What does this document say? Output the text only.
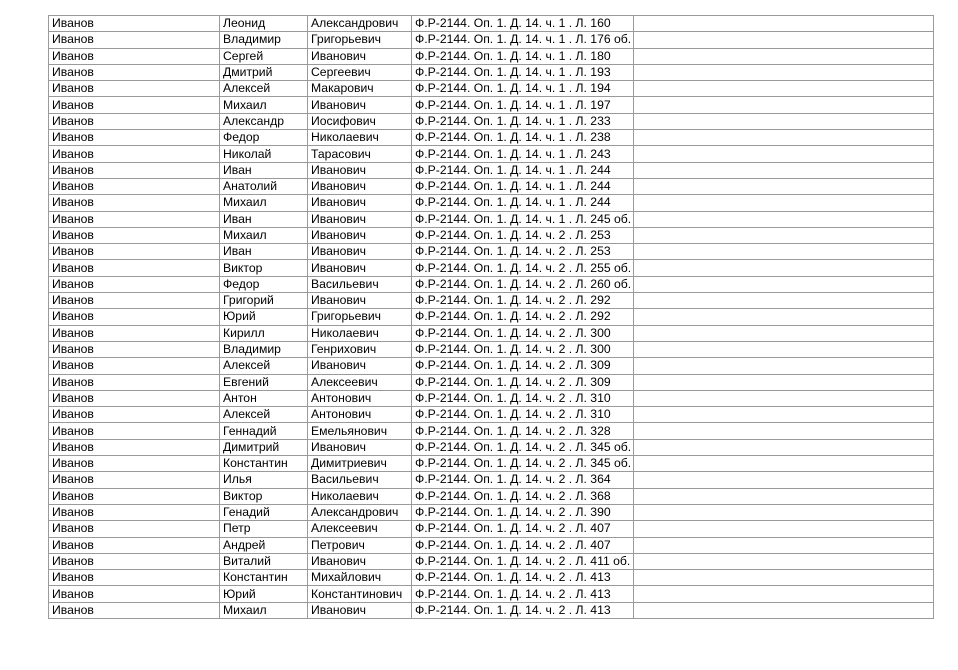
Иванов	Леонид	Александрович	Ф.Р-2144. Оп. 1. Д. 14. ч. 1 . Л. 160	
Иванов	Владимир	Григорьевич	Ф.Р-2144. Оп. 1. Д. 14. ч. 1 . Л. 176 об.	
Иванов	Сергей	Иванович	Ф.Р-2144. Оп. 1. Д. 14. ч. 1 . Л. 180	
Иванов	Дмитрий	Сергеевич	Ф.Р-2144. Оп. 1. Д. 14. ч. 1 . Л. 193	
Иванов	Алексей	Макарович	Ф.Р-2144. Оп. 1. Д. 14. ч. 1 . Л. 194	
Иванов	Михаил	Иванович	Ф.Р-2144. Оп. 1. Д. 14. ч. 1 . Л. 197	
Иванов	Александр	Иосифович	Ф.Р-2144. Оп. 1. Д. 14. ч. 1 . Л. 233	
Иванов	Федор	Николаевич	Ф.Р-2144. Оп. 1. Д. 14. ч. 1 . Л. 238	
Иванов	Николай	Тарасович	Ф.Р-2144. Оп. 1. Д. 14. ч. 1 . Л. 243	
Иванов	Иван	Иванович	Ф.Р-2144. Оп. 1. Д. 14. ч. 1 . Л. 244	
Иванов	Анатолий	Иванович	Ф.Р-2144. Оп. 1. Д. 14. ч. 1 . Л. 244	
Иванов	Михаил	Иванович	Ф.Р-2144. Оп. 1. Д. 14. ч. 1 . Л. 244	
Иванов	Иван	Иванович	Ф.Р-2144. Оп. 1. Д. 14. ч. 1 . Л. 245 об.	
Иванов	Михаил	Иванович	Ф.Р-2144. Оп. 1. Д. 14. ч. 2 . Л. 253	
Иванов	Иван	Иванович	Ф.Р-2144. Оп. 1. Д. 14. ч. 2 . Л. 253	
Иванов	Виктор	Иванович	Ф.Р-2144. Оп. 1. Д. 14. ч. 2 . Л. 255 об.	
Иванов	Федор	Васильевич	Ф.Р-2144. Оп. 1. Д. 14. ч. 2 . Л. 260 об.	
Иванов	Григорий	Иванович	Ф.Р-2144. Оп. 1. Д. 14. ч. 2 . Л. 292	
Иванов	Юрий	Григорьевич	Ф.Р-2144. Оп. 1. Д. 14. ч. 2 . Л. 292	
Иванов	Кирилл	Николаевич	Ф.Р-2144. Оп. 1. Д. 14. ч. 2 . Л. 300	
Иванов	Владимир	Генрихович	Ф.Р-2144. Оп. 1. Д. 14. ч. 2 . Л. 300	
Иванов	Алексей	Иванович	Ф.Р-2144. Оп. 1. Д. 14. ч. 2 . Л. 309	
Иванов	Евгений	Алексеевич	Ф.Р-2144. Оп. 1. Д. 14. ч. 2 . Л. 309	
Иванов	Антон	Антонович	Ф.Р-2144. Оп. 1. Д. 14. ч. 2 . Л. 310	
Иванов	Алексей	Антонович	Ф.Р-2144. Оп. 1. Д. 14. ч. 2 . Л. 310	
Иванов	Геннадий	Емельянович	Ф.Р-2144. Оп. 1. Д. 14. ч. 2 . Л. 328	
Иванов	Димитрий	Иванович	Ф.Р-2144. Оп. 1. Д. 14. ч. 2 . Л. 345 об.	
Иванов	Константин	Димитриевич	Ф.Р-2144. Оп. 1. Д. 14. ч. 2 . Л. 345 об.	
Иванов	Илья	Васильевич	Ф.Р-2144. Оп. 1. Д. 14. ч. 2 . Л. 364	
Иванов	Виктор	Николаевич	Ф.Р-2144. Оп. 1. Д. 14. ч. 2 . Л. 368	
Иванов	Генадий	Александрович	Ф.Р-2144. Оп. 1. Д. 14. ч. 2 . Л. 390	
Иванов	Петр	Алексеевич	Ф.Р-2144. Оп. 1. Д. 14. ч. 2 . Л. 407	
Иванов	Андрей	Петрович	Ф.Р-2144. Оп. 1. Д. 14. ч. 2 . Л. 407	
Иванов	Виталий	Иванович	Ф.Р-2144. Оп. 1. Д. 14. ч. 2 . Л. 411 об.	
Иванов	Константин	Михайлович	Ф.Р-2144. Оп. 1. Д. 14. ч. 2 . Л. 413	
Иванов	Юрий	Константинович	Ф.Р-2144. Оп. 1. Д. 14. ч. 2 . Л. 413	
Иванов	Михаил	Иванович	Ф.Р-2144. Оп. 1. Д. 14. ч. 2 . Л. 413	
